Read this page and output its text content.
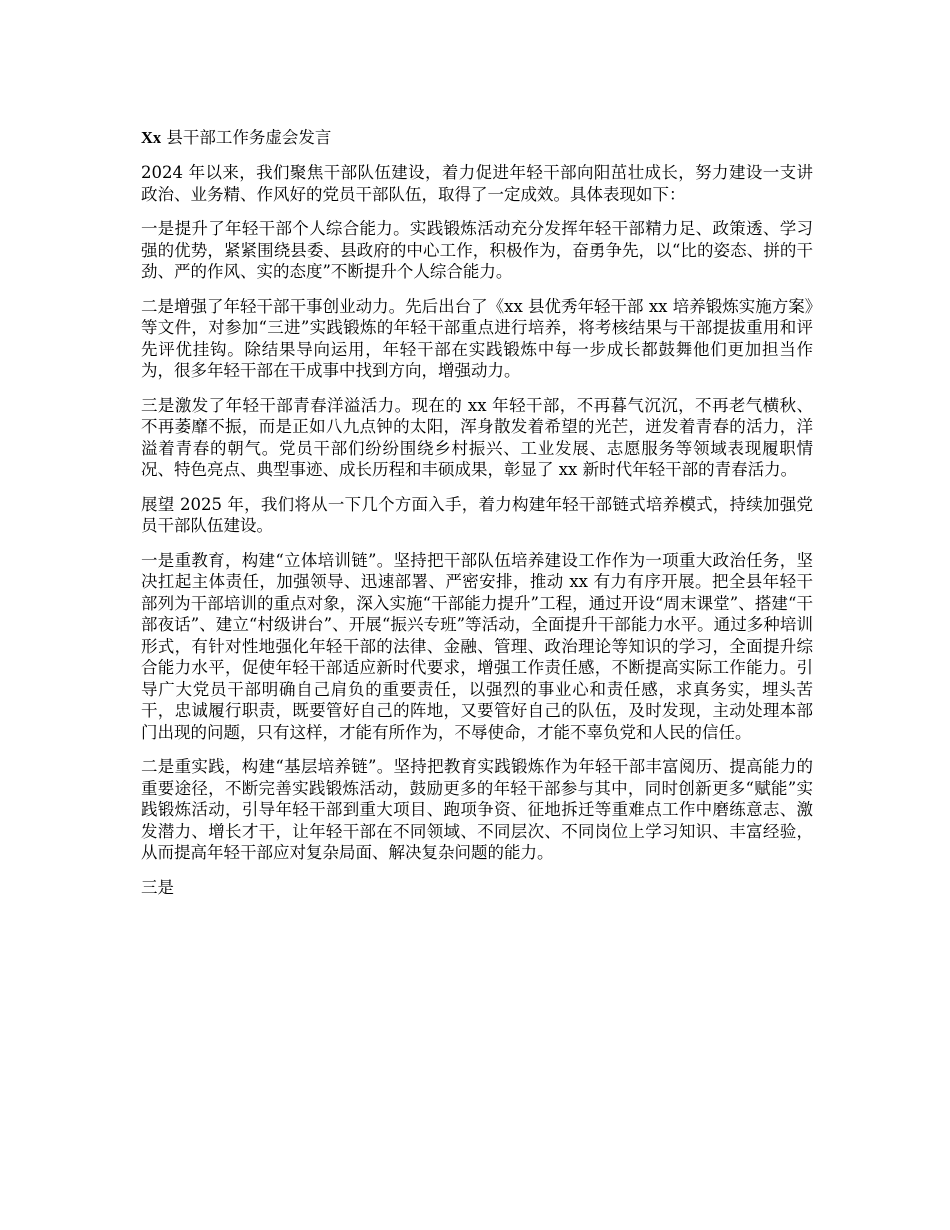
Xx 县干部工作务虚会发言

2024 年以来，我们聚焦干部队伍建设，着力促进年轻干部向阳茁壮成长，努力建设一支讲政治、业务精、作风好的党员干部队伍，取得了一定成效。具体表现如下：

一是提升了年轻干部个人综合能力。实践锻炼活动充分发挥年轻干部精力足、政策透、学习强的优势，紧紧围绕县委、县政府的中心工作，积极作为，奋勇争先，以“比的姿态、拼的干劲、严的作风、实的态度”不断提升个人综合能力。

二是增强了年轻干部干事创业动力。先后出台了《xx 县优秀年轻干部 xx 培养锻炼实施方案》等文件，对参加“三进”实践锻炼的年轻干部重点进行培养，将考核结果与干部提拔重用和评先评优挂钩。除结果导向运用，年轻干部在实践锻炼中每一步成长都鼓舞他们更加担当作为，很多年轻干部在干成事中找到方向，增强动力。

三是激发了年轻干部青春洋溢活力。现在的 xx 年轻干部，不再暮气沉沉，不再老气横秋、不再萎靡不振，而是正如八九点钟的太阳，浑身散发着希望的光芒，迸发着青春的活力，洋溢着青春的朝气。党员干部们纷纷围绕乡村振兴、工业发展、志愿服务等领域表现履职情况、特色亮点、典型事迹、成长历程和丰硕成果，彰显了 xx 新时代年轻干部的青春活力。

展望 2025 年，我们将从一下几个方面入手，着力构建年轻干部链式培养模式，持续加强党员干部队伍建设。

一是重教育，构建“立体培训链”。坚持把干部队伍培养建设工作作为一项重大政治任务，坚决扛起主体责任，加强领导、迅速部署、严密安排，推动 xx 有力有序开展。把全县年轻干部列为干部培训的重点对象，深入实施“干部能力提升”工程，通过开设“周末课堂”、搭建“干部夜话”、建立“村级讲台”、开展“振兴专班”等活动，全面提升干部能力水平。通过多种培训形式，有针对性地强化年轻干部的法律、金融、管理、政治理论等知识的学习，全面提升综合能力水平，促使年轻干部适应新时代要求，增强工作责任感，不断提高实际工作能力。引导广大党员干部明确自己肩负的重要责任，以强烈的事业心和责任感，求真务实，埋头苦干，忠诚履行职责，既要管好自己的阵地，又要管好自己的队伍，及时发现，主动处理本部门出现的问题，只有这样，才能有所作为，不辱使命，才能不辜负党和人民的信任。

二是重实践，构建“基层培养链”。坚持把教育实践锻炼作为年轻干部丰富阅历、提高能力的重要途径，不断完善实践锻炼活动，鼓励更多的年轻干部参与其中，同时创新更多“赋能”实践锻炼活动，引导年轻干部到重大项目、跑项争资、征地拆迁等重难点工作中磨练意志、激发潜力、增长才干，让年轻干部在不同领域、不同层次、不同岗位上学习知识、丰富经验，从而提高年轻干部应对复杂局面、解决复杂问题的能力。

三是
